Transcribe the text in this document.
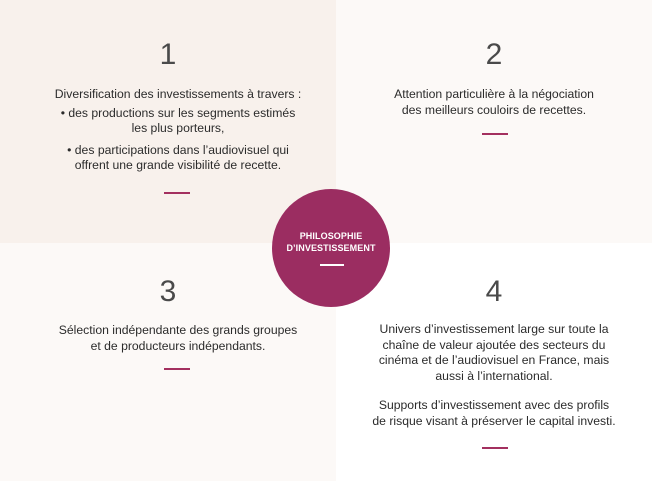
1

Diversification des investissements à travers :

• des productions sur les segments estimés

les plus porteurs,

• des participations dans l’audiovisuel qui

offrent une grande visibilité de recette.

2

Attention particulière à la négociation

des meilleurs couloirs de recettes.

3

Sélection indépendante des grands groupes

et de producteurs indépendants.

4

Univers d’investissement large sur toute la

chaîne de valeur ajoutée des secteurs du

cinéma et de l’audiovisuel en France, mais

aussi à l’international.

Supports d’investissement avec des profils

de risque visant à préserver le capital investi.

PHILOSOPHIE
D’INVESTISSEMENT
